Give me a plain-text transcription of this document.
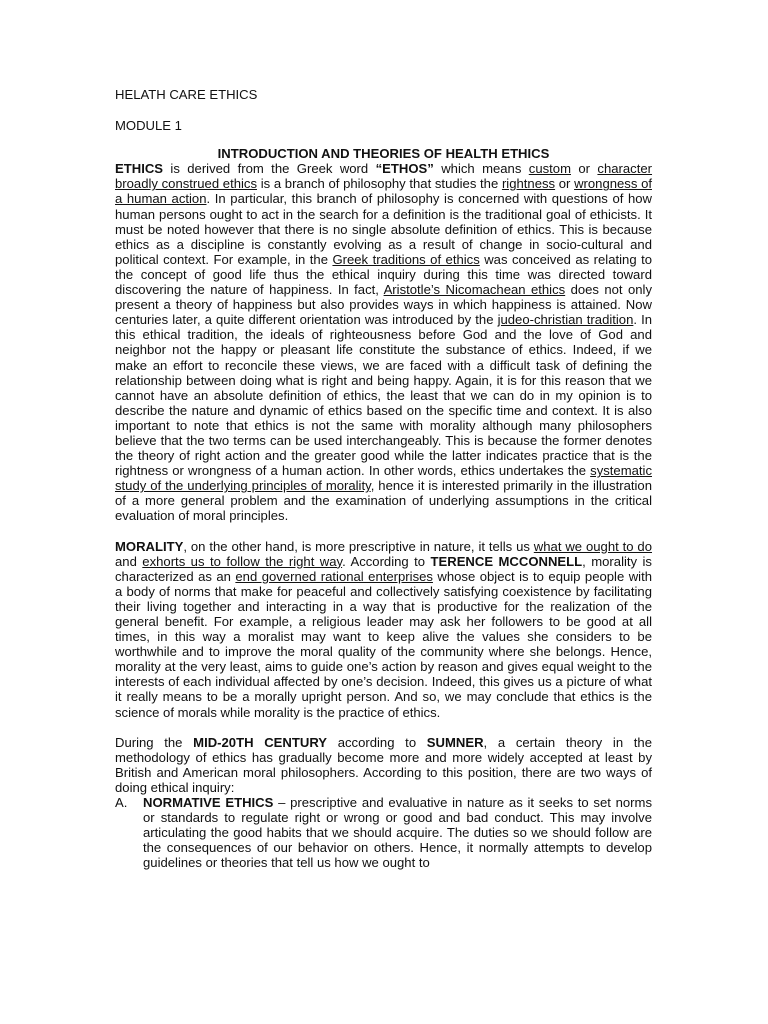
HELATH CARE ETHICS
MODULE 1
INTRODUCTION AND THEORIES OF HEALTH ETHICS

ETHICS is derived from the Greek word “ETHOS” which means custom or character broadly construed ethics is a branch of philosophy that studies the rightness or wrongness of a human action. In particular, this branch of philosophy is concerned with questions of how human persons ought to act in the search for a definition is the traditional goal of ethicists. It must be noted however that there is no single absolute definition of ethics. This is because ethics as a discipline is constantly evolving as a result of change in socio-cultural and political context. For example, in the Greek traditions of ethics was conceived as relating to the concept of good life thus the ethical inquiry during this time was directed toward discovering the nature of happiness. In fact, Aristotle’s Nicomachean ethics does not only present a theory of happiness but also provides ways in which happiness is attained. Now centuries later, a quite different orientation was introduced by the judeo-christian tradition. In this ethical tradition, the ideals of righteousness before God and the love of God and neighbor not the happy or pleasant life constitute the substance of ethics. Indeed, if we make an effort to reconcile these views, we are faced with a difficult task of defining the relationship between doing what is right and being happy. Again, it is for this reason that we cannot have an absolute definition of ethics, the least that we can do in my opinion is to describe the nature and dynamic of ethics based on the specific time and context. It is also important to note that ethics is not the same with morality although many philosophers believe that the two terms can be used interchangeably. This is because the former denotes the theory of right action and the greater good while the latter indicates practice that is the rightness or wrongness of a human action. In other words, ethics undertakes the systematic study of the underlying principles of morality, hence it is interested primarily in the illustration of a more general problem and the examination of underlying assumptions in the critical evaluation of moral principles.

MORALITY, on the other hand, is more prescriptive in nature, it tells us what we ought to do and exhorts us to follow the right way. According to TERENCE MCCONNELL, morality is characterized as an end governed rational enterprises whose object is to equip people with a body of norms that make for peaceful and collectively satisfying coexistence by facilitating their living together and interacting in a way that is productive for the realization of the general benefit. For example, a religious leader may ask her followers to be good at all times, in this way a moralist may want to keep alive the values she considers to be worthwhile and to improve the moral quality of the community where she belongs. Hence, morality at the very least, aims to guide one’s action by reason and gives equal weight to the interests of each individual affected by one’s decision. Indeed, this gives us a picture of what it really means to be a morally upright person. And so, we may conclude that ethics is the science of morals while morality is the practice of ethics.

During the MID-20TH CENTURY according to SUMNER, a certain theory in the methodology of ethics has gradually become more and more widely accepted at least by British and American moral philosophers. According to this position, there are two ways of doing ethical inquiry:

A.	NORMATIVE ETHICS – prescriptive and evaluative in nature as it seeks to set norms or standards to regulate right or wrong or good and bad conduct. This may involve articulating the good habits that we should acquire. The duties so we should follow are the consequences of our behavior on others. Hence, it normally attempts to develop guidelines or theories that tell us how we ought to
